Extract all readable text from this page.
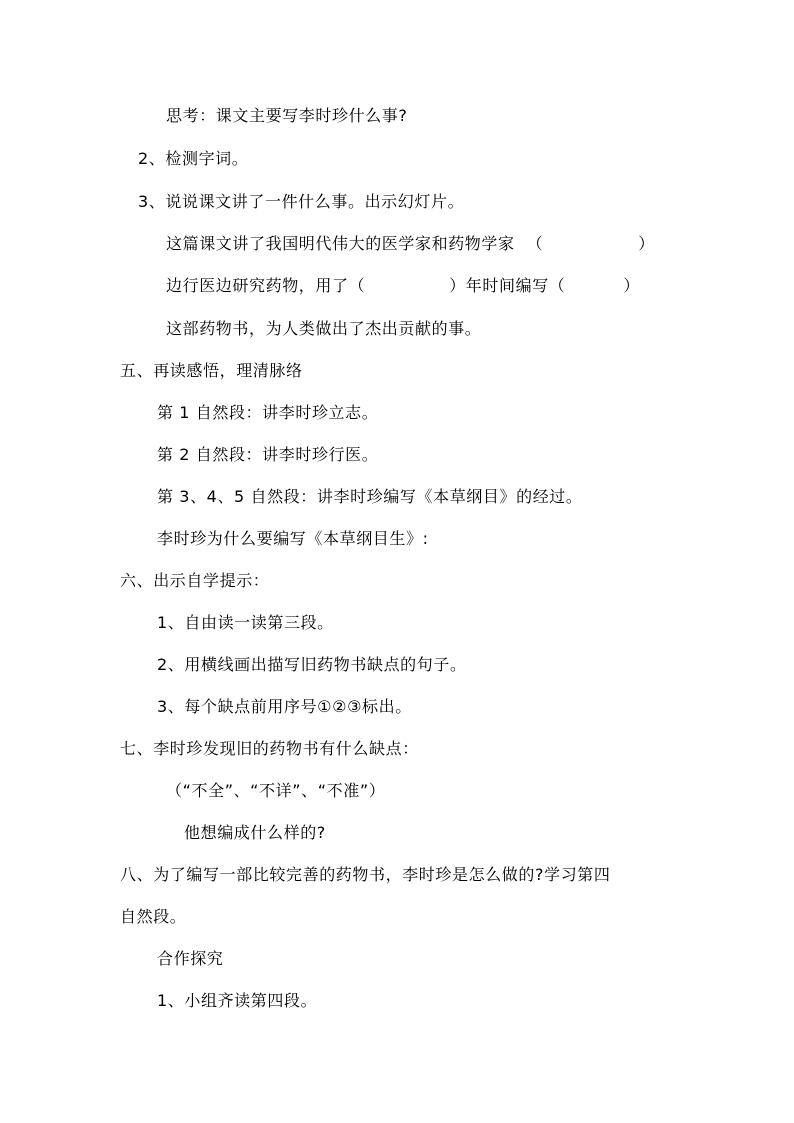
思考：课文主要写李时珍什么事?
2、检测字词。
3、说说课文讲了一件什么事。出示幻灯片。
这篇课文讲了我国明代伟大的医学家和药物学家 （	）
边行医边研究药物，用了（	）年时间编写（	）
这部药物书，为人类做出了杰出贡献的事。
五、再读感悟，理清脉络
第 1 自然段：讲李时珍立志。
第 2 自然段：讲李时珍行医。
第 3、4、5 自然段：讲李时珍编写《本草纲目》的经过。
李时珍为什么要编写《本草纲目生》:
六、出示自学提示：
1、自由读一读第三段。
2、用横线画出描写旧药物书缺点的句子。
3、每个缺点前用序号①②③标出。
七、李时珍发现旧的药物书有什么缺点：
（“不全”、“不详”、“不准”）
他想编成什么样的?
八、为了编写一部比较完善的药物书，李时珍是怎么做的?学习第四
自然段。
合作探究
1、小组齐读第四段。
